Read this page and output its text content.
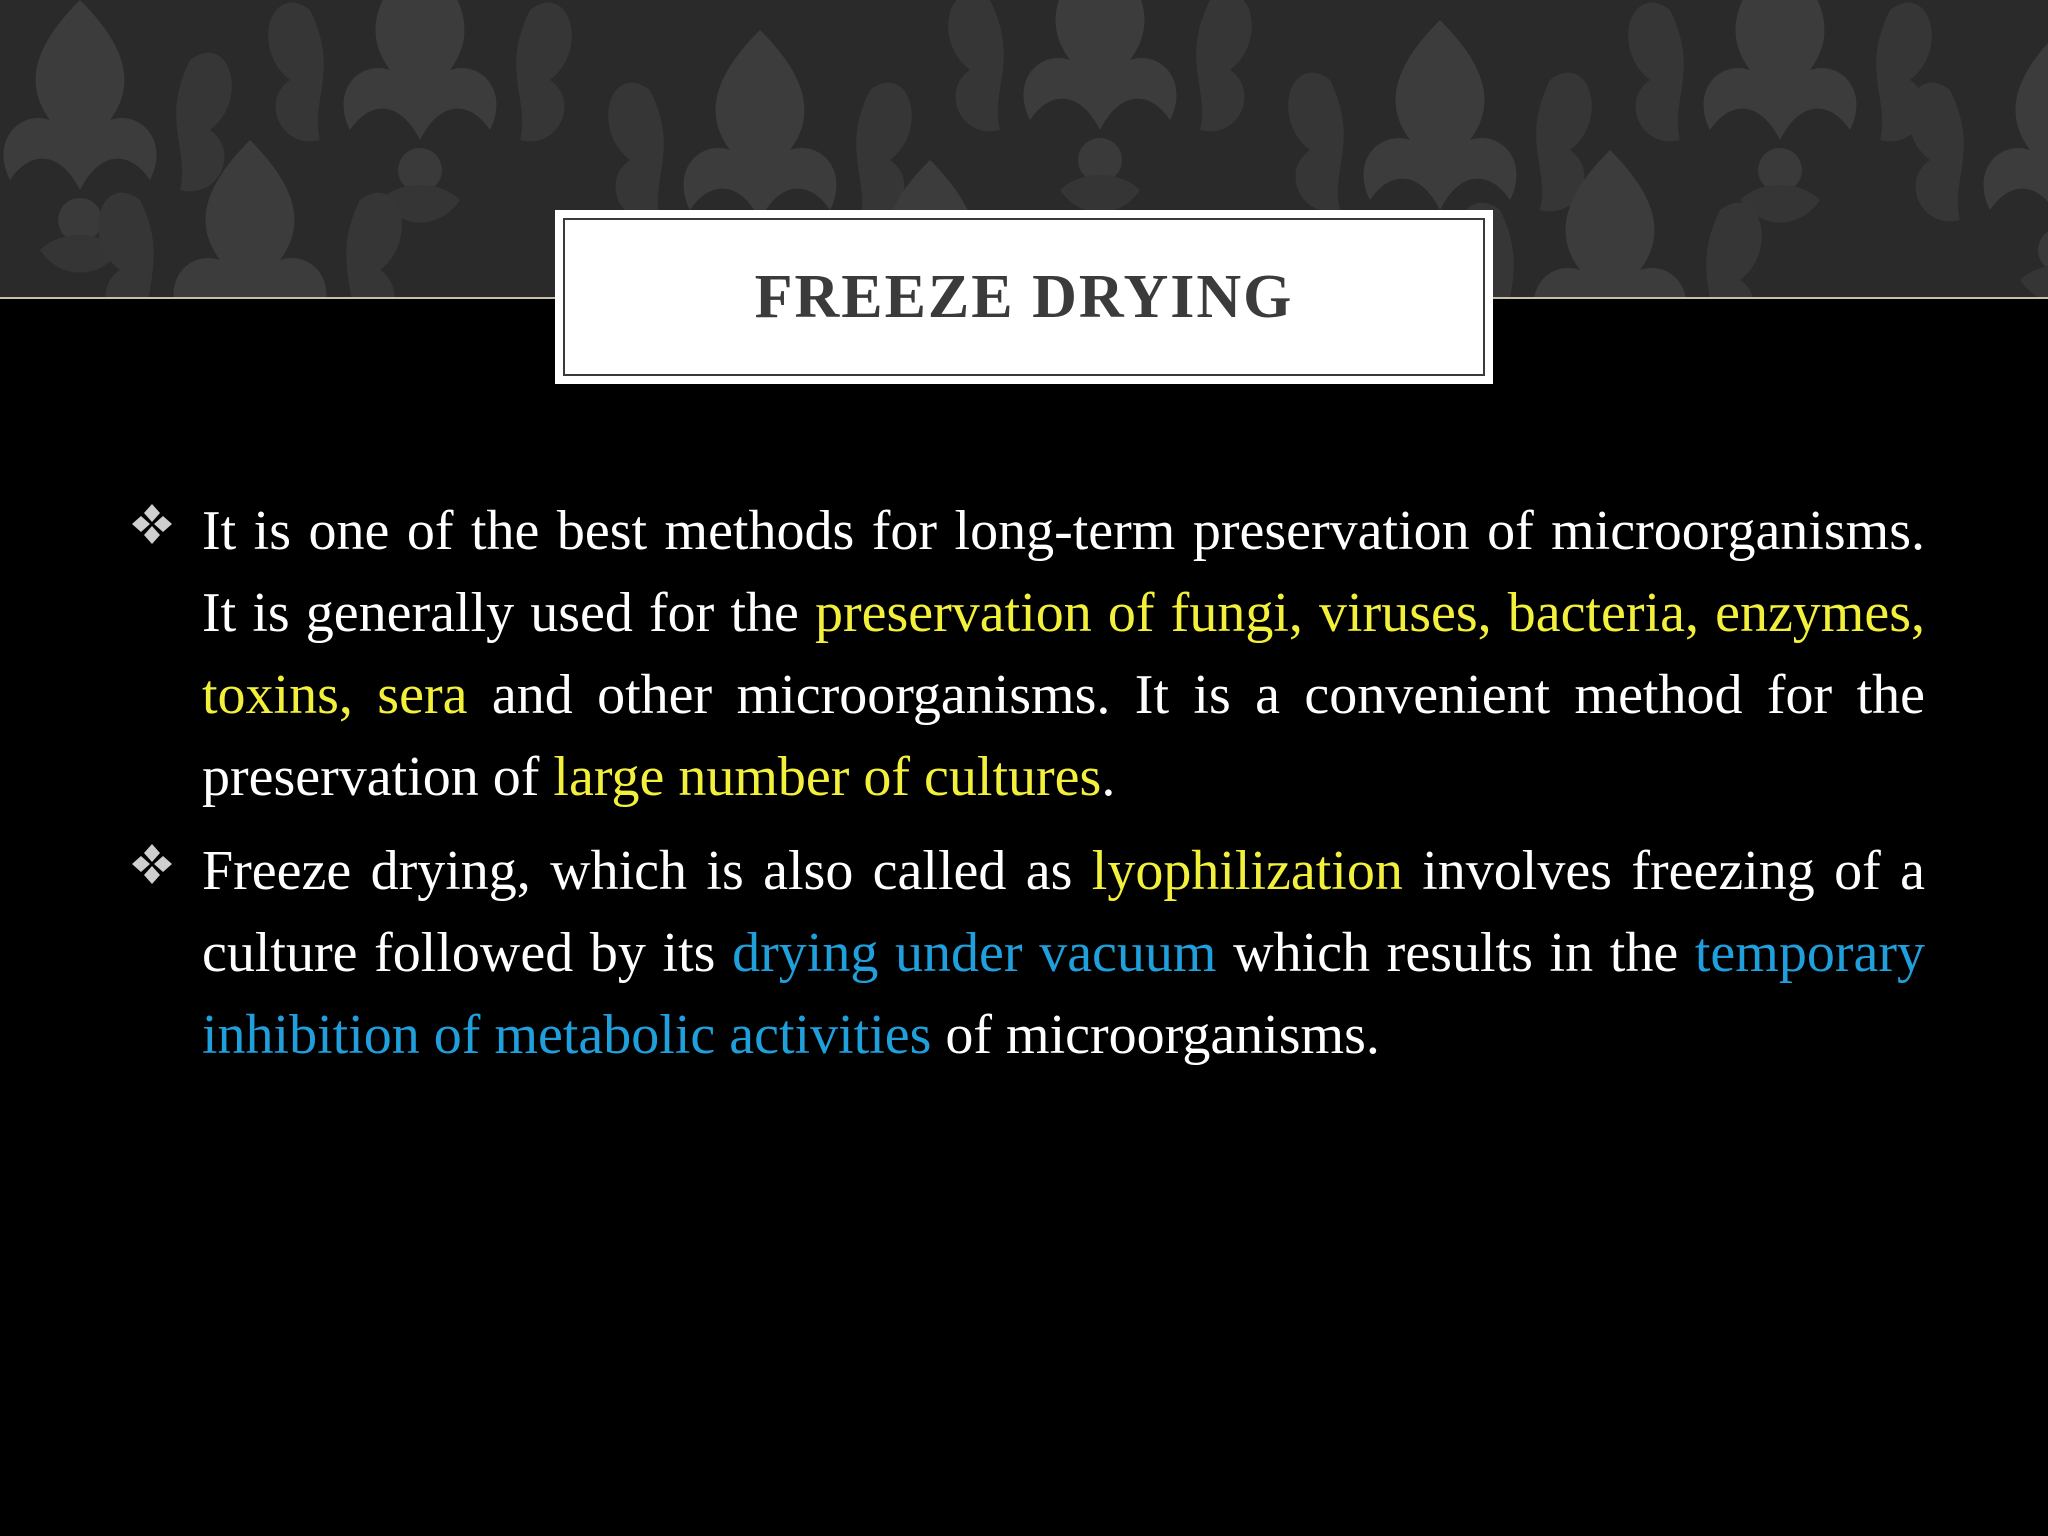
FREEZE DRYING

It is one of the best methods for long-term preservation of microorganisms. It is generally used for the preservation of fungi, viruses, bacteria, enzymes, toxins, sera and other microorganisms. It is a convenient method for the preservation of large number of cultures.

Freeze drying, which is also called as lyophilization involves freezing of a culture followed by its drying under vacuum which results in the temporary inhibition of metabolic activities of microorganisms.
